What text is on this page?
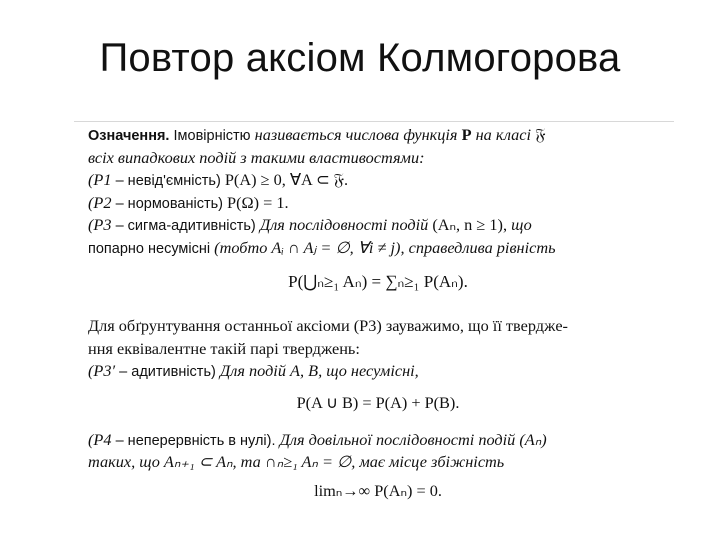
Повтор аксіом Колмогорова
Означення. Імовірністю називається числова функція P на класі 𝔉
всіх випадкових подій з такими властивостями:
(P1 – невід'ємність) P(A) ≥ 0, ∀A ⊂ 𝔉.
(P2 – нормованість) P(Ω) = 1.
(P3 – сигма-адитивність) Для послідовності подій (Aₙ, n ≥ 1), що
попарно несумісні (тобто Aᵢ ∩ Aⱼ = ∅, ∀i ≠ j), справедлива рівність
P(⋃ₙ≥₁ Aₙ) = ∑ₙ≥₁ P(Aₙ).
Для обґрунтування останньої аксіоми (P3) зауважимо, що її тверджe-
ння еквівалентне такій парі тверджень:
(P3′ – адитивність) Для подій A, B, що несумісні,
P(A ∪ B) = P(A) + P(B).
(P4 – неперервність в нулі). Для довільної послідовності подій (Aₙ)
таких, що Aₙ₊₁ ⊂ Aₙ, та ∩ₙ≥₁ Aₙ = ∅, має місце збіжність
limₙ→∞ P(Aₙ) = 0.
